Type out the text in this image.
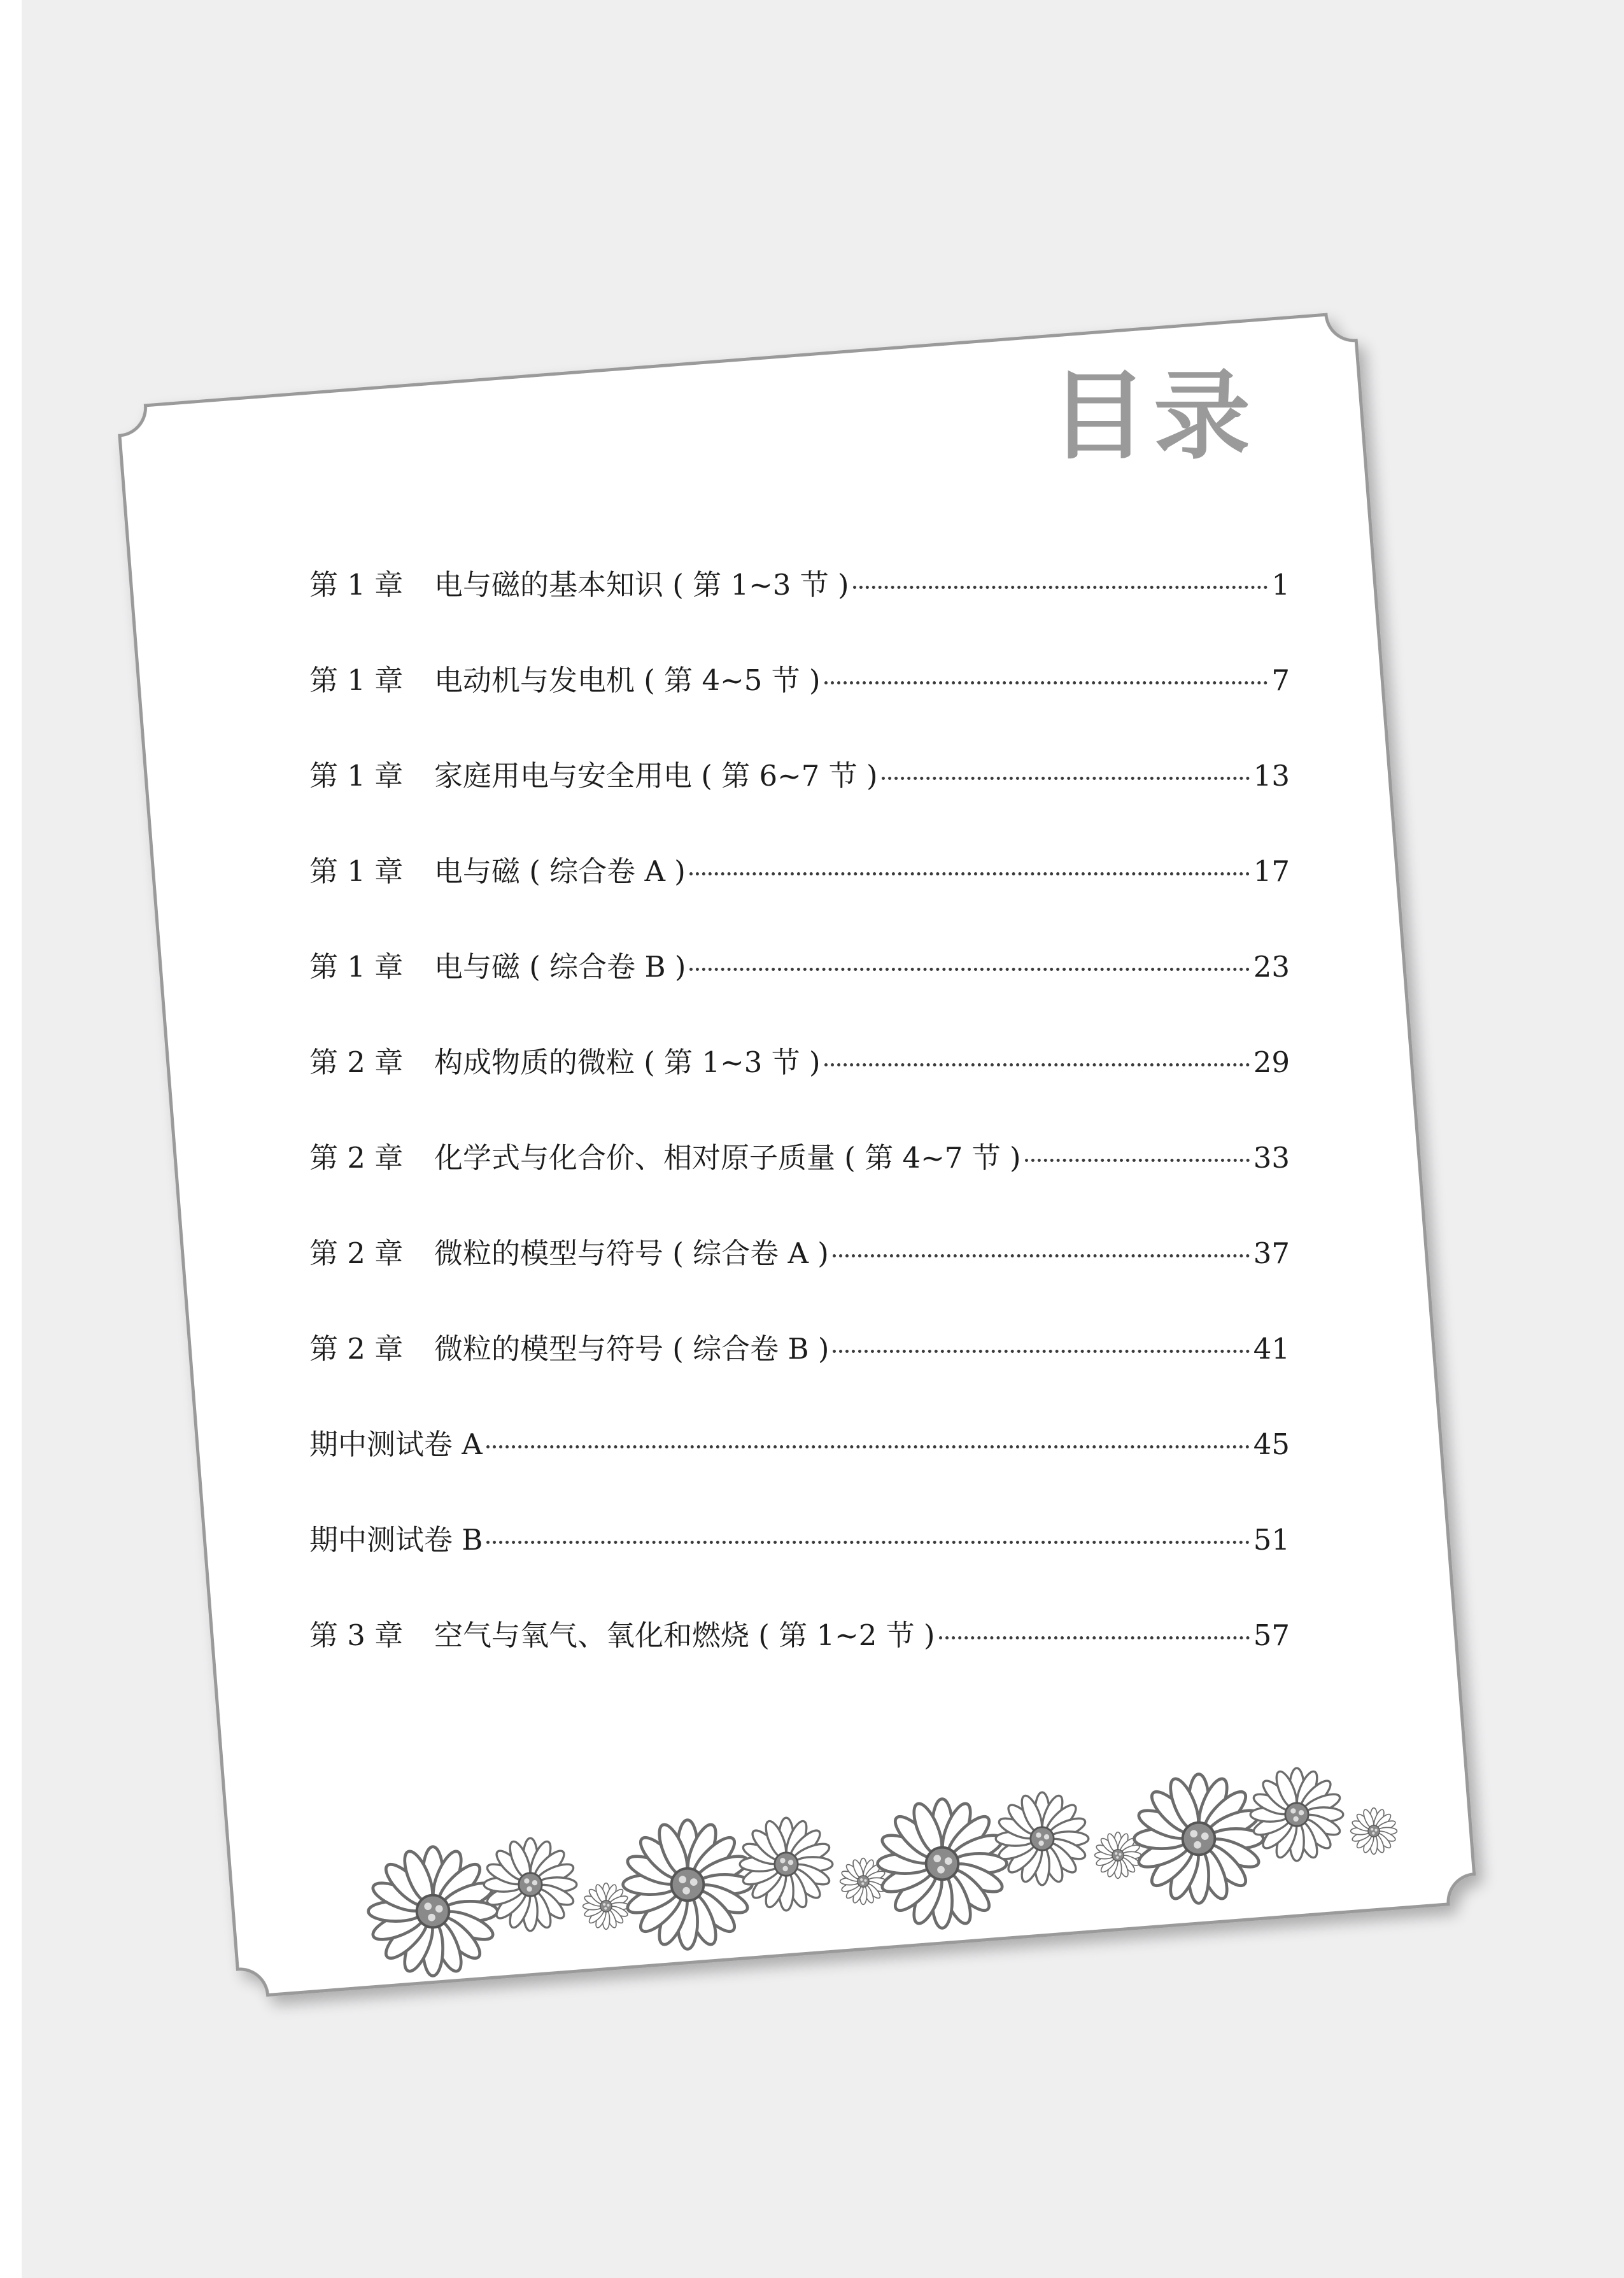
目录
第 1 章	电与磁的基本知识 ( 第 1~3 节 )	1
第 1 章	电动机与发电机 ( 第 4~5 节 )	7
第 1 章	家庭用电与安全用电 ( 第 6~7 节 )	13
第 1 章	电与磁 ( 综合卷 A )	17
第 1 章	电与磁 ( 综合卷 B )	23
第 2 章	构成物质的微粒 ( 第 1~3 节 )	29
第 2 章	化学式与化合价、相对原子质量 ( 第 4~7 节 )	33
第 2 章	微粒的模型与符号 ( 综合卷 A )	37
第 2 章	微粒的模型与符号 ( 综合卷 B )	41
期中测试卷 A	45
期中测试卷 B	51
第 3 章	空气与氧气、氧化和燃烧 ( 第 1~2 节 )	57
